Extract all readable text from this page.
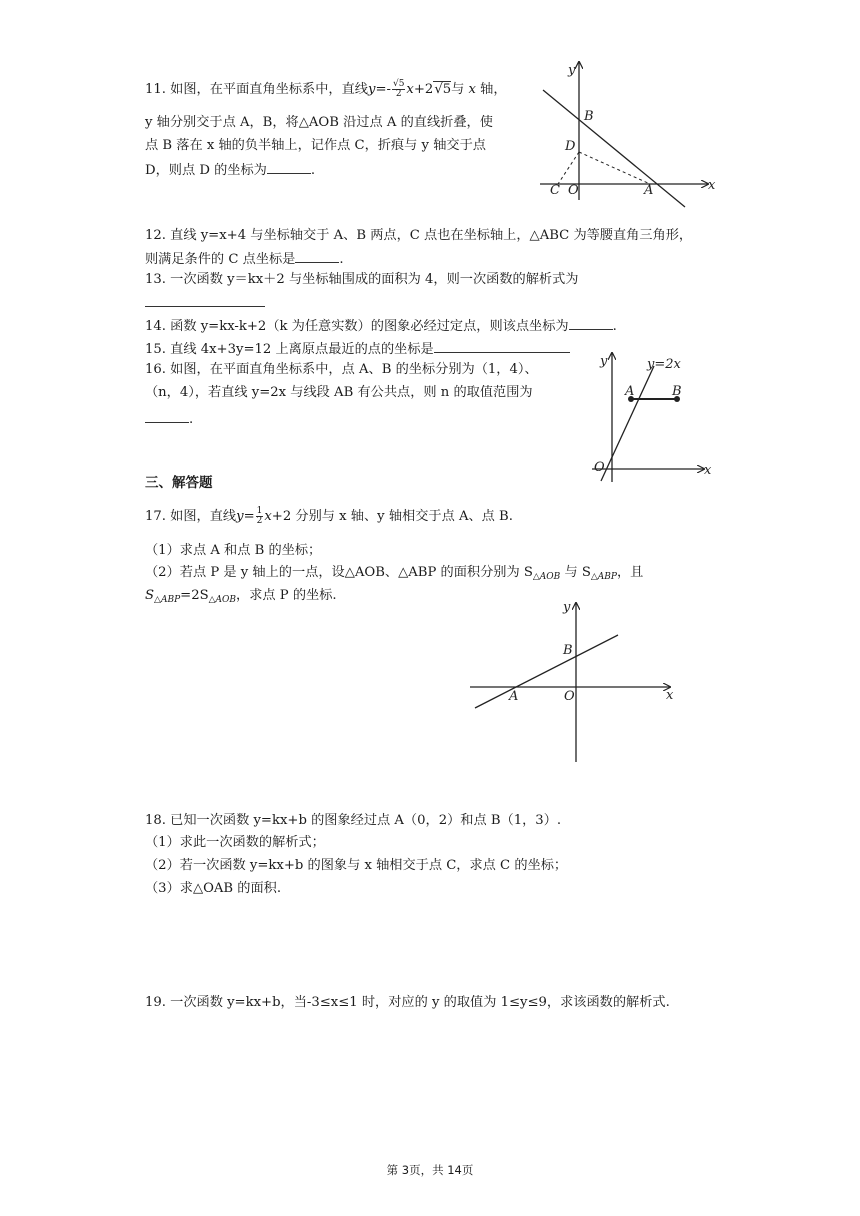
11. 如图，在平面直角坐标系中，直线$y=- \frac{√5}{2} x+2√5$与 x 轴，
y 轴分别交于点 A，B，将△AOB 沿过点 A 的直线折叠，使
点 B 落在 x 轴的负半轴上，记作点 C，折痕与 y 轴交于点
D，则点 D 的坐标为	.
y
x
B
D
C O	A
12. 直线 y=x+4 与坐标轴交于 A、B 两点，C 点也在坐标轴上，△ABC 为等腰直角三角形，
则满足条件的 C 点坐标是	.
13. 一次函数 y＝kx＋2 与坐标轴围成的面积为 4，则一次函数的解析式为
14. 函数 y=kx-k+2（k 为任意实数）的图象必经过定点，则该点坐标为	.
15. 直线 4x+3y=12 上离原点最近的点的坐标是
16. 如图，在平面直角坐标系中，点 A、B 的坐标分别为（1，4）、
（n，4），若直线 y=2x 与线段 AB 有公共点，则 n 的取值范围为
.
y
x
y=2x
A	B
O
三、解答题
17. 如图，直线$y= \frac{1}{2} x+2$ 分别与 x 轴、y 轴相交于点 A、点 B.
（1）求点 A 和点 B 的坐标；
（2）若点 P 是 y 轴上的一点，设△AOB、△ABP 的面积分别为 $S_{\triangle AOB}$ 与 $S_{\triangle ABP}$，且
$S_{\triangle ABP}=2S_{\triangle AOB}$，求点 P 的坐标.
y
x
B
A	O
18. 已知一次函数 y=kx+b 的图象经过点 A（0，2）和点 B（1，3）.
（1）求此一次函数的解析式；
（2）若一次函数 y=kx+b 的图象与 x 轴相交于点 C，求点 C 的坐标；
（3）求△OAB 的面积.
19. 一次函数 y=kx+b，当-3≤x≤1 时，对应的 y 的取值为 1≤y≤9，求该函数的解析式.
第 3页，共 14页
